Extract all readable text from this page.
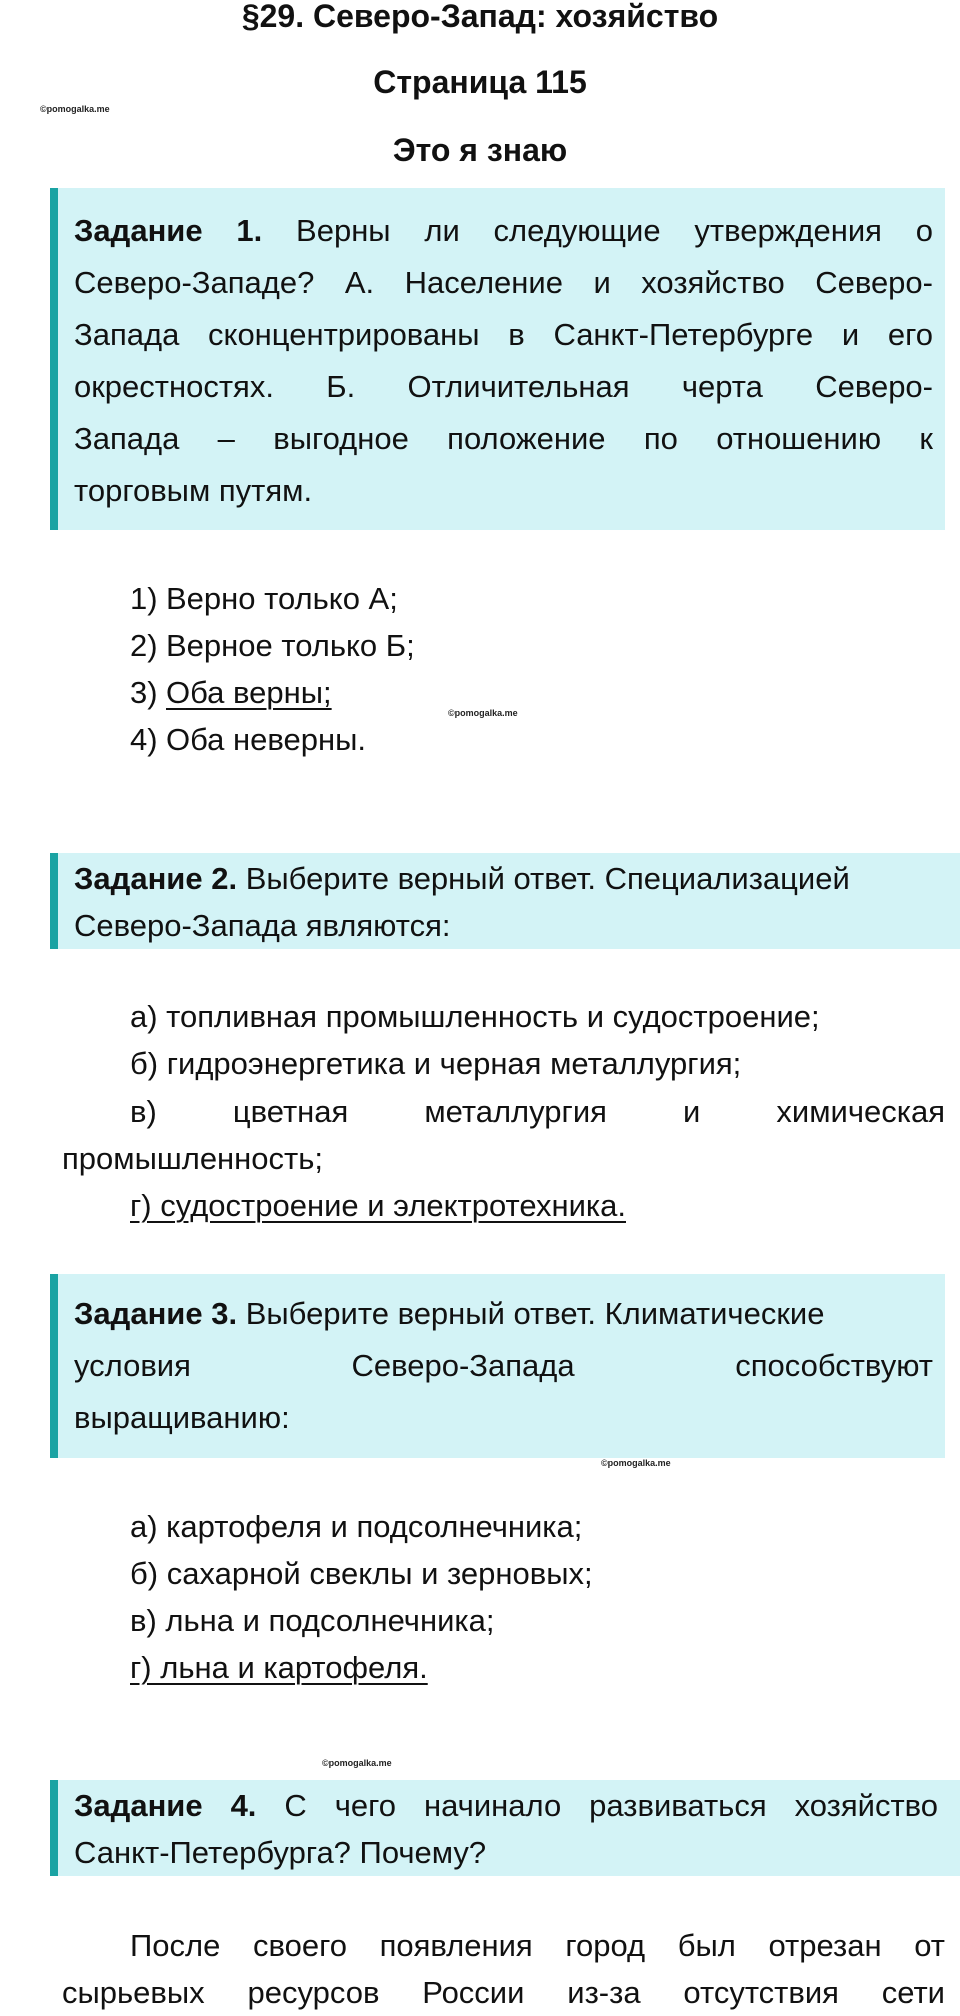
§29. Северо-Запад: хозяйство
Страница 115
Это я знаю
©pomogalka.me
©pomogalka.me
©pomogalka.me
©pomogalka.me

Задание 1. Верны ли следующие утверждения о

Северо-Западе? А. Население и хозяйство Северо-

Запада сконцентрированы в Санкт-Петербурге и его

окрестностях. Б. Отличительная черта Северо-

Запада – выгодное положение по отношению к

торговым путям.

1) Верно только А;
2) Верное только Б;
3) Оба верны;
4) Оба неверны.

Задание 2. Выберите верный ответ. Специализацией

Северо-Запада являются:

а) топливная промышленность и судостроение;
б) гидроэнергетика и черная металлургия;
в) цветная металлургия и химическая
промышленность;
г) судостроение и электротехника.

Задание 3. Выберите верный ответ. Климатические

условия Северо-Запада способствуют

выращиванию:

а) картофеля и подсолнечника;
б) сахарной свеклы и зерновых;
в) льна и подсолнечника;
г) льна и картофеля.

Задание 4. С чего начинало развиваться хозяйство

Санкт-Петербурга? Почему?

После своего появления город был отрезан от
сырьевых ресурсов России из-за отсутствия сети
